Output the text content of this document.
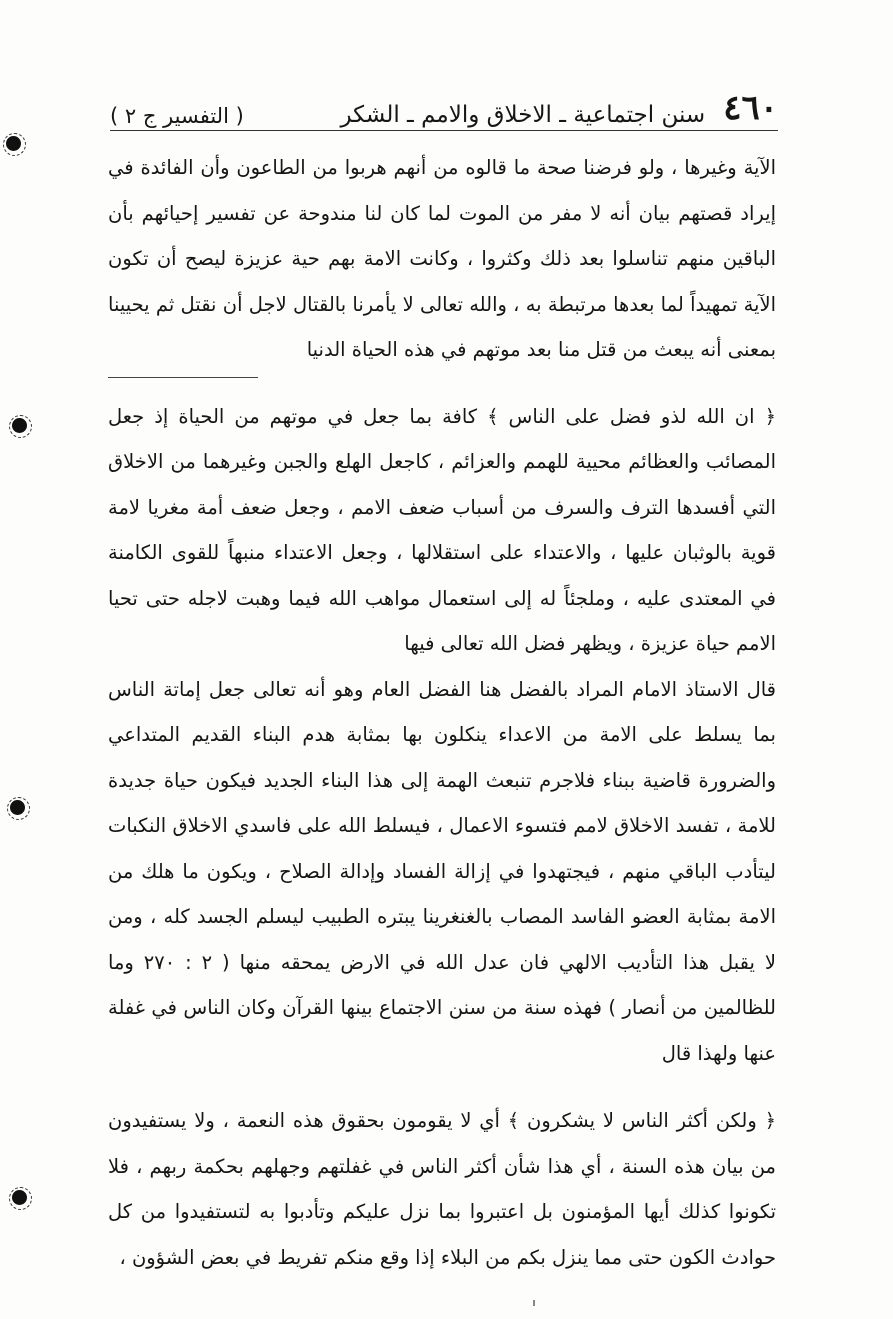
٤٦٠
سنن اجتماعية ـ الاخلاق والامم ـ الشكر
( التفسير ج ٢ )

الآية وغيرها ، ولو فرضنا صحة ما قالوه من أنهم هربوا من الطاعون وأن الفائدة في إيراد قصتهم بيان أنه لا مفر من الموت لما كان لنا مندوحة عن تفسير إحيائهم بأن الباقين منهم تناسلوا بعد ذلك وكثروا ، وكانت الامة بهم حية عزيزة ليصح أن تكون الآية تمهيداً لما بعدها مرتبطة به ، والله تعالى لا يأمرنا بالقتال لاجل أن نقتل ثم يحيينا بمعنى أنه يبعث من قتل منا بعد موتهم في هذه الحياة الدنيا

﴿ ان الله لذو فضل على الناس ﴾ كافة بما جعل في موتهم من الحياة إذ جعل المصائب والعظائم محيية للهمم والعزائم ، كاجعل الهلع والجبن وغيرهما من الاخلاق التي أفسدها الترف والسرف من أسباب ضعف الامم ، وجعل ضعف أمة مغريا لامة قوية بالوثبان عليها ، والاعتداء على استقلالها ، وجعل الاعتداء منبهاً للقوى الكامنة في المعتدى عليه ، وملجئاً له إلى استعمال مواهب الله فيما وهبت لاجله حتى تحيا الامم حياة عزيزة ، ويظهر فضل الله تعالى فيها

قال الاستاذ الامام المراد بالفضل هنا الفضل العام وهو أنه تعالى جعل إماتة الناس بما يسلط على الامة من الاعداء ينكلون بها بمثابة هدم البناء القديم المتداعي والضرورة قاضية ببناء فلاجرم تنبعث الهمة إلى هذا البناء الجديد فيكون حياة جديدة للامة ، تفسد الاخلاق لامم فتسوء الاعمال ، فيسلط الله على فاسدي الاخلاق النكبات ليتأدب الباقي منهم ، فيجتهدوا في إزالة الفساد وإدالة الصلاح ، ويكون ما هلك من الامة بمثابة العضو الفاسد المصاب بالغنغرينا يبتره الطبيب ليسلم الجسد كله ، ومن لا يقبل هذا التأديب الالهي فان عدل الله في الارض يمحقه منها ( ٢ : ٢٧٠ وما للظالمين من أنصار ) فهذه سنة من سنن الاجتماع بينها القرآن وكان الناس في غفلة عنها ولهذا قال

﴿ ولكن أكثر الناس لا يشكرون ﴾ أي لا يقومون بحقوق هذه النعمة ، ولا يستفيدون من بيان هذه السنة ، أي هذا شأن أكثر الناس في غفلتهم وجهلهم بحكمة ربهم ، فلا تكونوا كذلك أيها المؤمنون بل اعتبروا بما نزل عليكم وتأدبوا به لتستفيدوا من كل حوادث الكون حتى مما ينزل بكم من البلاء إذا وقع منكم تفريط في بعض الشؤون ،
